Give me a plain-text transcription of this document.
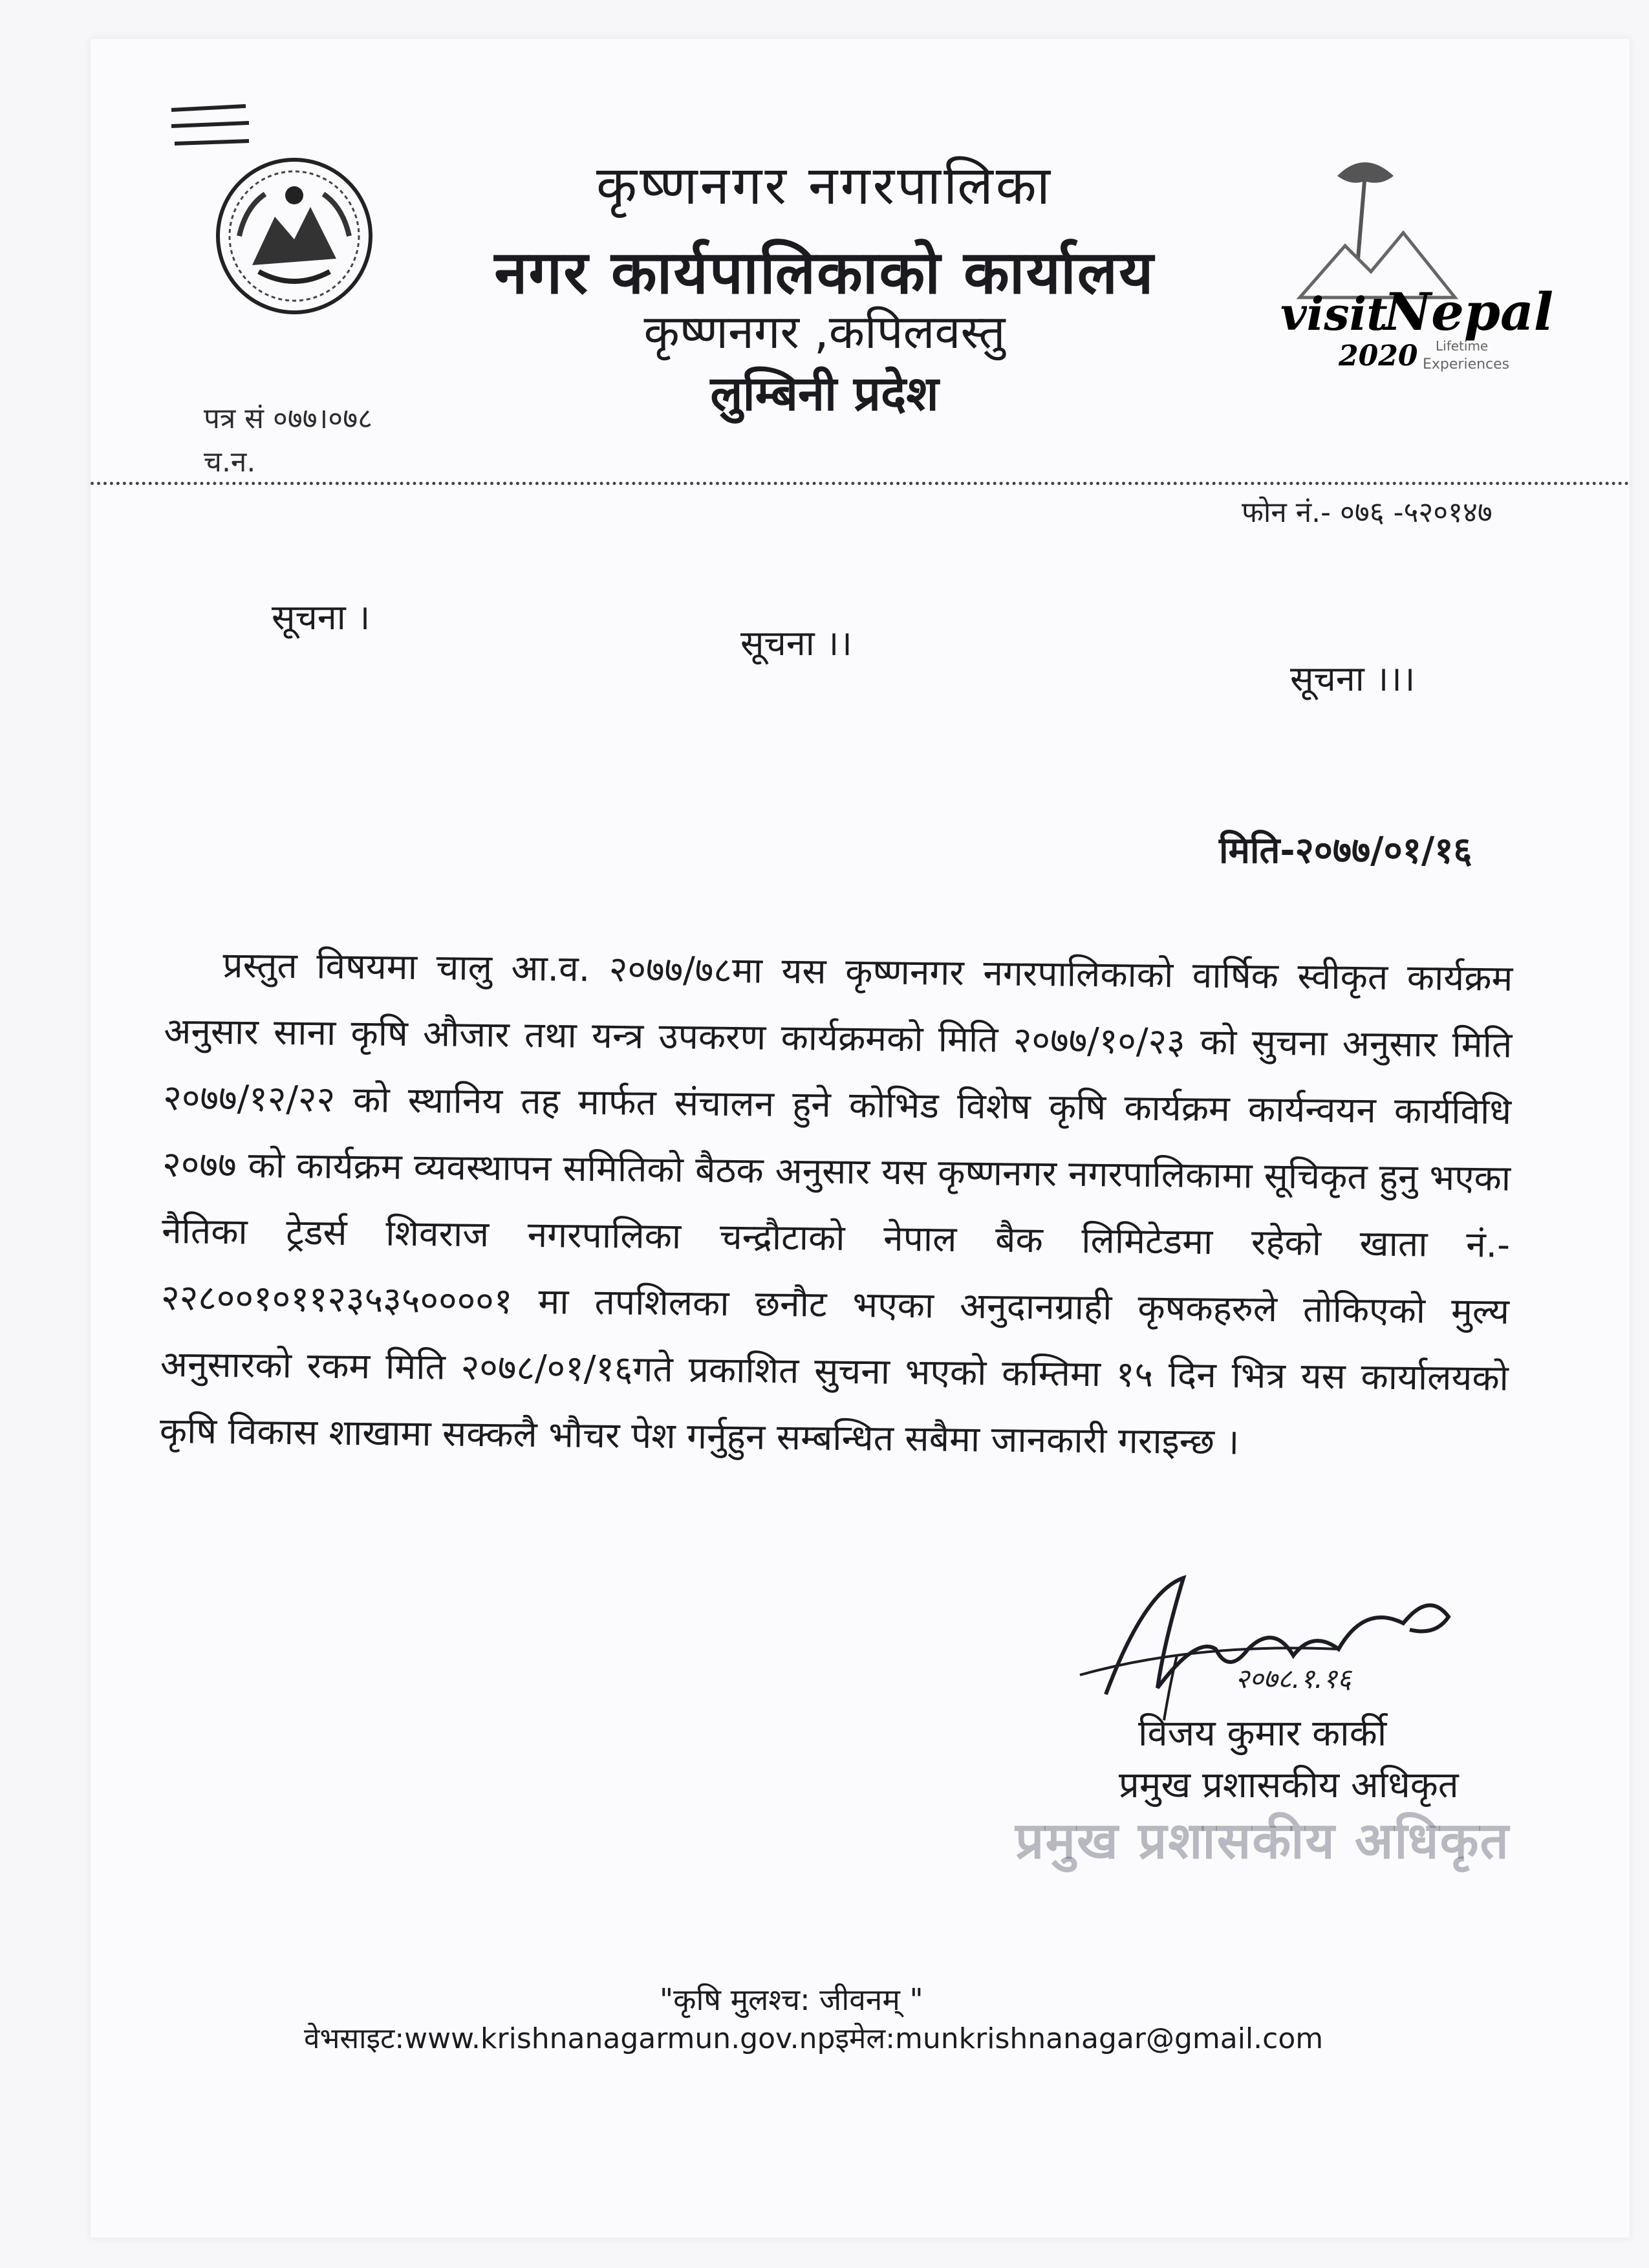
कृष्णनगर नगरपालिका
नगर कार्यपालिकाको कार्यालय
कृष्णनगर ,कपिलवस्तु
लुम्बिनी प्रदेश
visit
Nepal
2020 Lifetime
Experiences
पत्र सं ०७७।०७८
च.न.
फोन नं.- ०७६ -५२०१४७
सूचना ।
सूचना ।।
सूचना ।।।
मिति-२०७७/०१/१६
प्रस्तुत विषयमा चालु आ.व. २०७७/७८मा यस कृष्णनगर नगरपालिकाको वार्षिक स्वीकृत कार्यक्रम अनुसार साना कृषि औजार तथा यन्त्र उपकरण कार्यक्रमको मिति २०७७/१०/२३ को सुचना अनुसार मिति २०७७/१२/२२ को स्थानिय तह मार्फत संचालन हुने कोभिड विशेष कृषि कार्यक्रम कार्यन्वयन कार्यविधि २०७७ को कार्यक्रम व्यवस्थापन समितिको बैठक अनुसार यस कृष्णनगर नगरपालिकामा सूचिकृत हुनु भएका नैतिका ट्रेडर्स शिवराज नगरपालिका चन्द्रौटाको नेपाल बैक लिमिटेडमा रहेको खाता नं.- २२८००१०११२३५३५००००१ मा तपशिलका छनौट भएका अनुदानग्राही कृषकहरुले तोकिएको मुल्य अनुसारको रकम मिति २०७८/०१/१६गते प्रकाशित सुचना भएको कम्तिमा १५ दिन भित्र यस कार्यालयको कृषि विकास शाखामा सक्कलै भौचर पेश गर्नुहुन सम्बन्धित सबैमा जानकारी गराइन्छ ।
२०७८.१.१६
विजय कुमार कार्की
प्रमुख प्रशासकीय अधिकृत
प्रमुख प्रशासकीय अधिकृत
"कृषि मुलश्च: जीवनम् "
वेभसाइट:www.krishnanagarmun.gov.npइमेल:munkrishnanagar@gmail.com
